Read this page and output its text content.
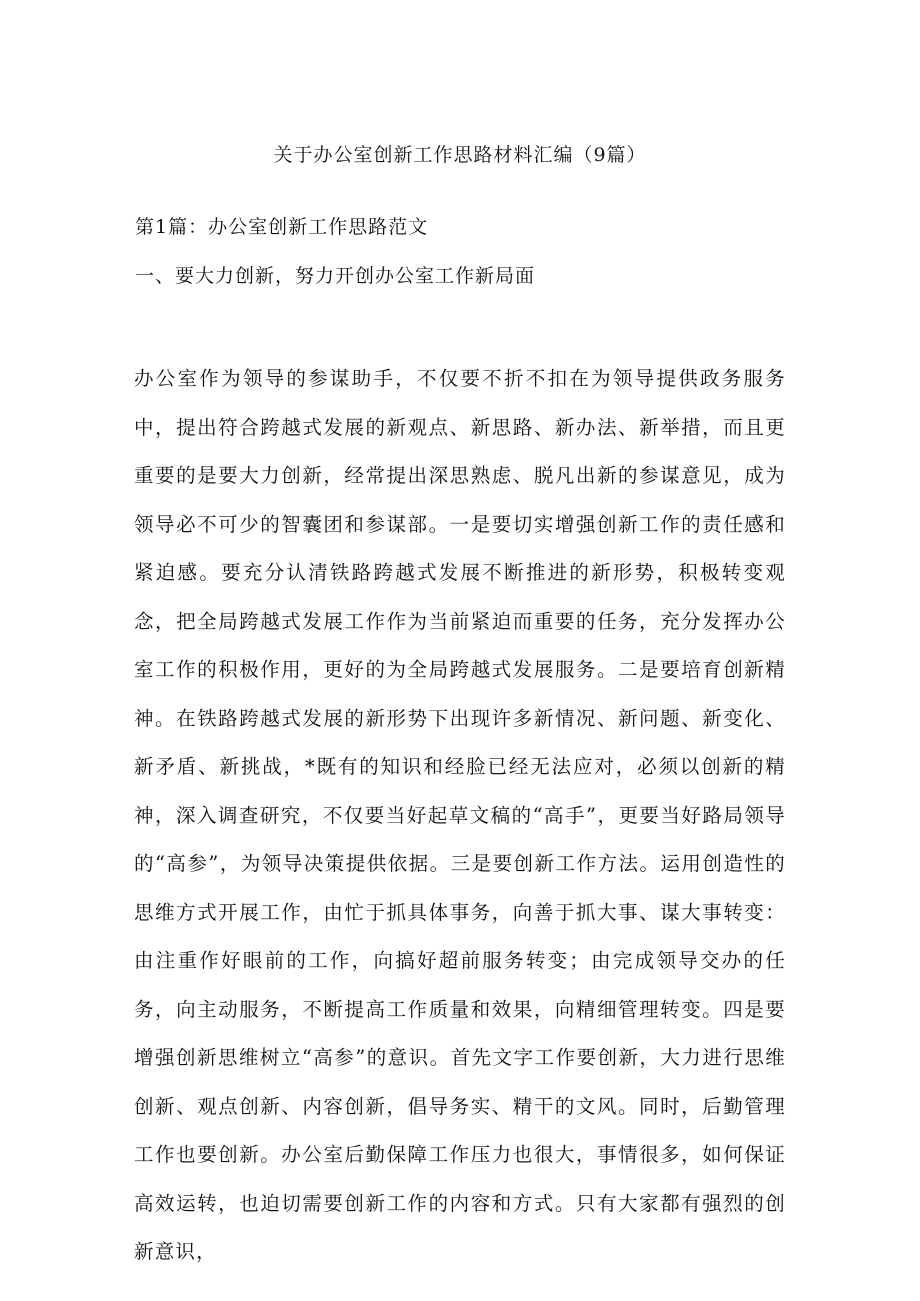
关于办公室创新工作思路材料汇编（9篇）
第1篇：办公室创新工作思路范文
一、要大力创新，努力开创办公室工作新局面

办公室作为领导的参谋助手，不仅要不折不扣在为领导提供政务服务中，提出符合跨越式发展的新观点、新思路、新办法、新举措，而且更重要的是要大力创新，经常提出深思熟虑、脱凡出新的参谋意见，成为领导必不可少的智囊团和参谋部。一是要切实增强创新工作的责任感和紧迫感。要充分认清铁路跨越式发展不断推进的新形势，积极转变观念，把全局跨越式发展工作作为当前紧迫而重要的任务，充分发挥办公室工作的积极作用，更好的为全局跨越式发展服务。二是要培育创新精神。在铁路跨越式发展的新形势下出现许多新情况、新问题、新变化、新矛盾、新挑战，*既有的知识和经脸已经无法应对，必须以创新的精神，深入调查研究，不仅要当好起草文稿的“高手”，更要当好路局领导的“高参”，为领导决策提供依据。三是要创新工作方法。运用创造性的思维方式开展工作，由忙于抓具体事务，向善于抓大事、谋大事转变：由注重作好眼前的工作，向搞好超前服务转变；由完成领导交办的任务，向主动服务，不断提高工作质量和效果，向精细管理转变。四是要增强创新思维树立“高参”的意识。首先文字工作要创新，大力进行思维创新、观点创新、内容创新，倡导务实、精干的文风。同时，后勤管理工作也要创新。办公室后勤保障工作压力也很大，事情很多，如何保证高效运转，也迫切需要创新工作的内容和方式。只有大家都有强烈的创新意识，
